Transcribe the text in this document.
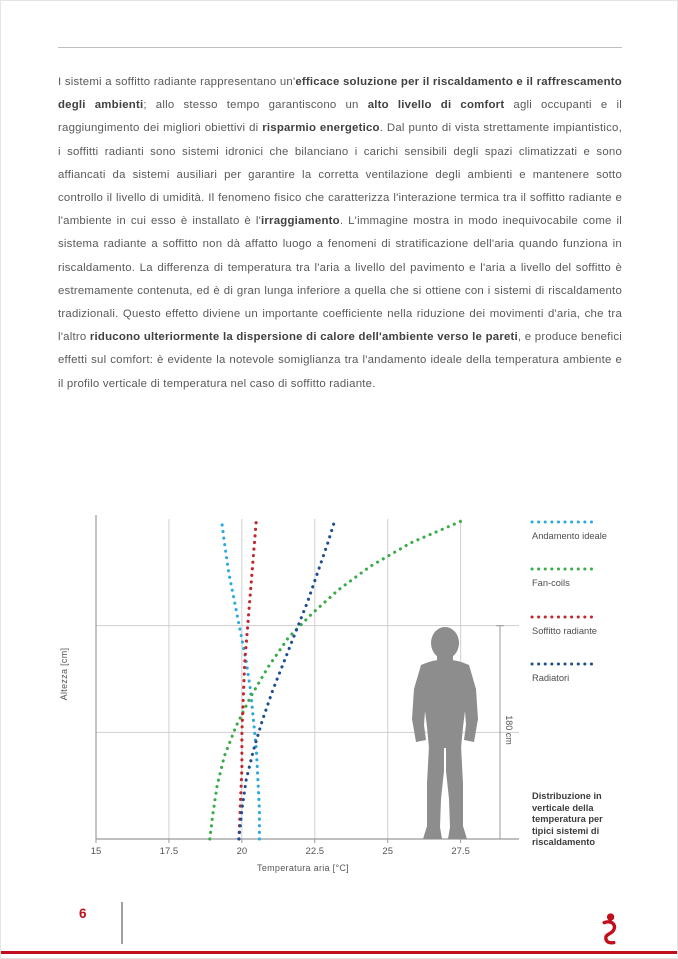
I sistemi a soffitto radiante rappresentano un'efficace soluzione per il riscaldamento e il raffrescamento degli ambienti; allo stesso tempo garantiscono un alto livello di comfort agli occupanti e il raggiungimento dei migliori obiettivi di risparmio energetico. Dal punto di vista strettamente impiantistico, i soffitti radianti sono sistemi idronici che bilanciano i carichi sensibili degli spazi climatizzati e sono affiancati da sistemi ausiliari per garantire la corretta ventilazione degli ambienti e mantenere sotto controllo il livello di umidità. Il fenomeno fisico che caratterizza l'interazione termica tra il soffitto radiante e l'ambiente in cui esso è installato è l'irraggiamento. L'immagine mostra in modo inequivocabile come il sistema radiante a soffitto non dà affatto luogo a fenomeni di stratificazione dell'aria quando funziona in riscaldamento. La differenza di temperatura tra l'aria a livello del pavimento e l'aria a livello del soffitto è estremamente contenuta, ed è di gran lunga inferiore a quella che si ottiene con i sistemi di riscaldamento tradizionali. Questo effetto diviene un importante coefficiente nella riduzione dei movimenti d'aria, che tra l'altro riducono ulteriormente la dispersione di calore dell'ambiente verso le pareti, e produce benefici effetti sul comfort: è evidente la notevole somiglianza tra l'andamento ideale della temperatura ambiente e il profilo verticale di temperatura nel caso di soffitto radiante.

Altezza [cm]
Temperatura aria [°C]
15	17.5	20	22.5	25	27.5
180 cm
Andamento ideale
Fan-coils
Soffitto radiante
Radiatori
Distribuzione in verticale della temperatura per tipici sistemi di riscaldamento
6
